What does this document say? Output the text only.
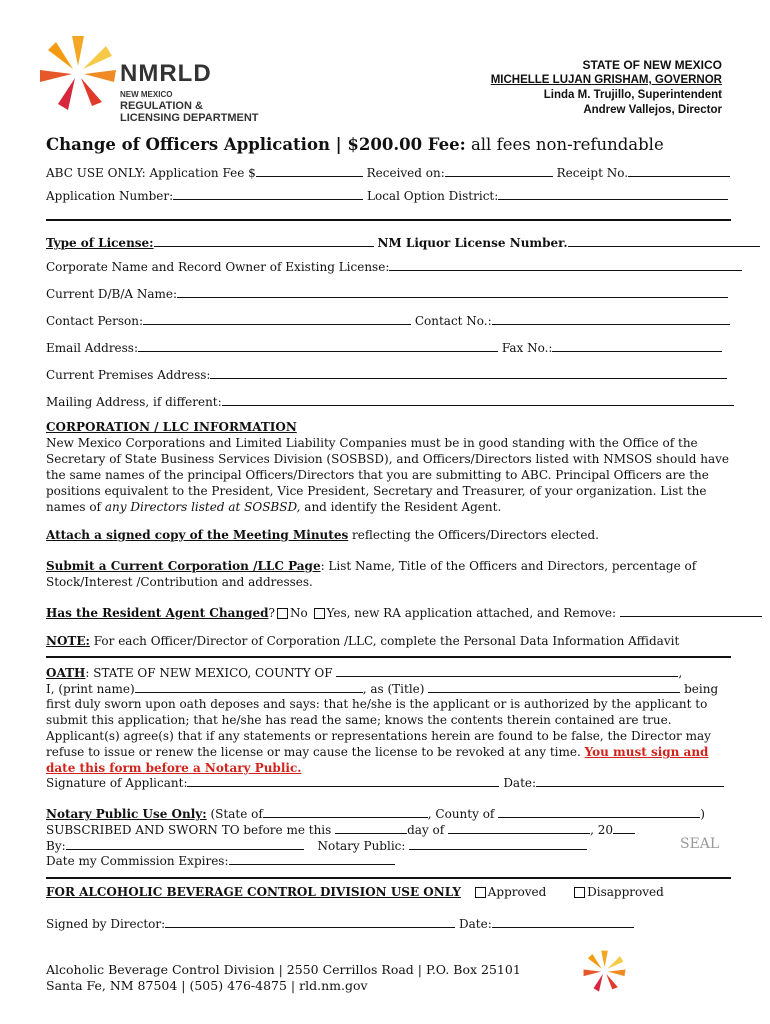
NMRLD
NEW MEXICO
REGULATION &
LICENSING DEPARTMENT
STATE OF NEW MEXICO
MICHELLE LUJAN GRISHAM, GOVERNOR
Linda M. Trujillo, Superintendent
Andrew Vallejos, Director
Change of Officers Application | $200.00 Fee: all fees non-refundable
ABC USE ONLY: Application Fee $	Received on:	Receipt No.
Application Number:	Local Option District:
Type of License:	NM Liquor License Number.
Corporate Name and Record Owner of Existing License:
Current D/B/A Name:
Contact Person:	Contact No.:
Email Address:	Fax No.:
Current Premises Address:
Mailing Address, if different:
CORPORATION / LLC INFORMATION
New Mexico Corporations and Limited Liability Companies must be in good standing with the Office of the Secretary of State Business Services Division (SOSBSD), and Officers/Directors listed with NMSOS should have the same names of the principal Officers/Directors that you are submitting to ABC. Principal Officers are the positions equivalent to the President, Vice President, Secretary and Treasurer, of your organization. List the names of any Directors listed at SOSBSD, and identify the Resident Agent.
Attach a signed copy of the Meeting Minutes reflecting the Officers/Directors elected.
Submit a Current Corporation /LLC Page: List Name, Title of the Officers and Directors, percentage of Stock/Interest /Contribution and addresses.
Has the Resident Agent Changed? No Yes, new RA application attached, and Remove:
NOTE: For each Officer/Director of Corporation /LLC, complete the Personal Data Information Affidavit
OATH: STATE OF NEW MEXICO, COUNTY OF	,
I, (print name)	, as (Title)	being
first duly sworn upon oath deposes and says: that he/she is the applicant or is authorized by the applicant to submit this application; that he/she has read the same; knows the contents therein contained are true. Applicant(s) agree(s) that if any statements or representations herein are found to be false, the Director may refuse to issue or renew the license or may cause the license to be revoked at any time. You must sign and date this form before a Notary Public.
Signature of Applicant:	Date:
Notary Public Use Only: (State of	, County of	)
SUBSCRIBED AND SWORN TO before me this	day of	, 20
By:	Notary Public:	SEAL
Date my Commission Expires:
FOR ALCOHOLIC BEVERAGE CONTROL DIVISION USE ONLY Approved	Disapproved
Signed by Director:	Date:
Alcoholic Beverage Control Division | 2550 Cerrillos Road | P.O. Box 25101
Santa Fe, NM 87504 | (505) 476-4875 | rld.nm.gov
